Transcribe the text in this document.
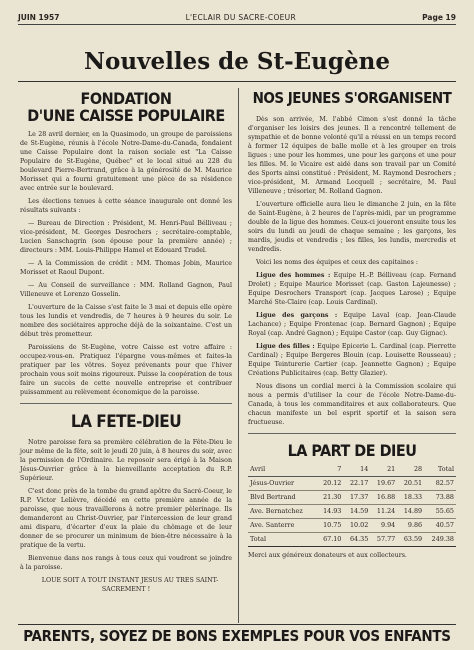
JUIN 1957	L'ECLAIR DU SACRE-COEUR	Page 19
Nouvelles de St-Eugène
FONDATION
D'UNE CAISSE POPULAIRE

Le 28 avril dernier, en la Quasimodo, un groupe de paroissiens de St-Eugène, réunis à l'école Notre-Dame-du-Canada, fondaient une Caisse Populaire dont la raison sociale est "La Caisse Populaire de St-Eugène, Québec" et le local situé au 228 du boulevard Pierre-Bertrand, grâce à la générosité de M. Maurice Morisset qui a fourni gratuitement une pièce de sa résidence avec entrée sur le boulevard.

Les élections tenues à cette séance inaugurale ont donné les résultats suivants :

— Bureau de Direction : Président, M. Henri-Paul Bélliveau ; vice-président, M. Georges Desrochers ; secrétaire-comptable, Lucien Sanschagrin (son épouse pour la première année) ; directeurs : MM. Louis-Philippe Hamel et Edouard Trudel.

— A la Commission de crédit : MM. Thomas Jobin, Maurice Morisset et Raoul Dupont.

— Au Conseil de surveillance : MM. Rolland Gagnon, Paul Villeneuve et Lorenzo Gosselin.

L'ouverture de la Caisse s'est faite le 3 mai et depuis elle opère tous les lundis et vendredis, de 7 heures à 9 heures du soir. Le nombre des sociétaires approche déjà de la soixantaine. C'est un début très prometteur.

Paroissiens de St-Eugène, votre Caisse est votre affaire : occupez-vous-en. Pratiquez l'épargne vous-mêmes et faites-la pratiquer par les vôtres. Soyez prévenants pour que l'hiver prochain vous soit moins rigoureux. Puisse la coopération de tous faire un succès de cette nouvelle entreprise et contribuer puissamment au relèvement économique de la paroisse.

LA FETE-DIEU

Notre paroisse fera sa première célébration de la Fête-Dieu le jour même de la fête, soit le jeudi 20 juin, à 8 heures du soir, avec la permission de l'Ordinaire. Le reposoir sera érigé à la Maison Jésus-Ouvrier grâce à la bienveillante acceptation du R.P. Supérieur.

C'est donc près de la tombe du grand apôtre du Sacré-Coeur, le R.P. Victor Lelièvre, décédé en cette première année de la paroisse, que nous travaillerons à notre premier pèlerinage. Ils demanderont au Christ-Ouvrier, par l'intercession de leur grand ami disparu, d'écarter d'eux la plaie du chômage et de leur donner de se procurer un minimum de bien-être nécessaire à la pratique de la vertu.

Bienvenue dans nos rangs à tous ceux qui voudront se joindre à la paroisse.

LOUE SOIT A TOUT INSTANT JESUS AU TRES SAINT-SACREMENT !

NOS JEUNES S'ORGANISENT

Dès son arrivée, M. l'abbé Cimon s'est donné la tâche d'organiser les loisirs des jeunes. Il a rencontré tellement de sympathie et de bonne volonté qu'il a réussi en un temps record à former 12 équipes de balle molle et à les grouper en trois ligues : une pour les hommes, une pour les garçons et une pour les filles. M. le Vicaire est aidé dans son travail par un Comité des Sports ainsi constitué : Président, M. Raymond Desrochers ; vice-président, M. Armand Locquell ; secrétaire, M. Paul Villeneuve ; trésorier, M. Rolland Gagnon.

L'ouverture officielle aura lieu le dimanche 2 juin, en la fête de Saint-Eugène, à 2 heures de l'après-midi, par un programme double de la ligue des hommes. Ceux-ci joueront ensuite tous les soirs du lundi au jeudi de chaque semaine ; les garçons, les mardis, jeudis et vendredis ; les filles, les lundis, mercredis et vendredis.

Voici les noms des équipes et ceux des capitaines :

Ligue des hommes : Equipe H.-P. Bélliveau (cap. Fernand Drolet) ; Equipe Maurice Morisset (cap. Gaston Lajeunesse) ; Equipe Desrochers Transport (cap. Jacques Larose) ; Equipe Marché Ste-Claire (cap. Louis Cardinal).

Ligue des garçons : Equipe Laval (cap. Jean-Claude Lachance) ; Equipe Frontenac (cap. Bernard Gagnon) ; Equipe Royal (cap. André Gagnon) ; Equipe Castor (cap. Guy Gignac).

Ligue des filles : Equipe Epicerie L. Cardinal (cap. Pierrette Cardinal) ; Equipe Bergeres Blouin (cap. Louisette Rousseau) ; Equipe Teinturerie Cartier (cap. Jeannette Gagnon) ; Equipe Créations Publicitaires (cap. Betty Glazier).

Nous disons un cordial merci à la Commission scolaire qui nous a permis d'utiliser la cour de l'école Notre-Dame-du-Canada, à tous les commanditaires et aux collaborateurs. Que chacun manifeste un bel esprit sportif et la saison sera fructueuse.

LA PART DE DIEU
Avril	7	14	21	28	Total
Jésus-Ouvrier	20.12	22.17	19.67	20.51	82.57
Blvd Bertrand	21.30	17.37	16.88	18.33	73.88
Ave. Bernatchez	14.93	14.59	11.24	14.89	55.65
Ave. Santerre	10.75	10.02	9.94	9.86	40.57
Total	67.10	64.35	57.77	63.59	249.38
Merci aux généreux donateurs et aux collecteurs.
PARENTS, SOYEZ DE BONS EXEMPLES POUR VOS ENFANTS
